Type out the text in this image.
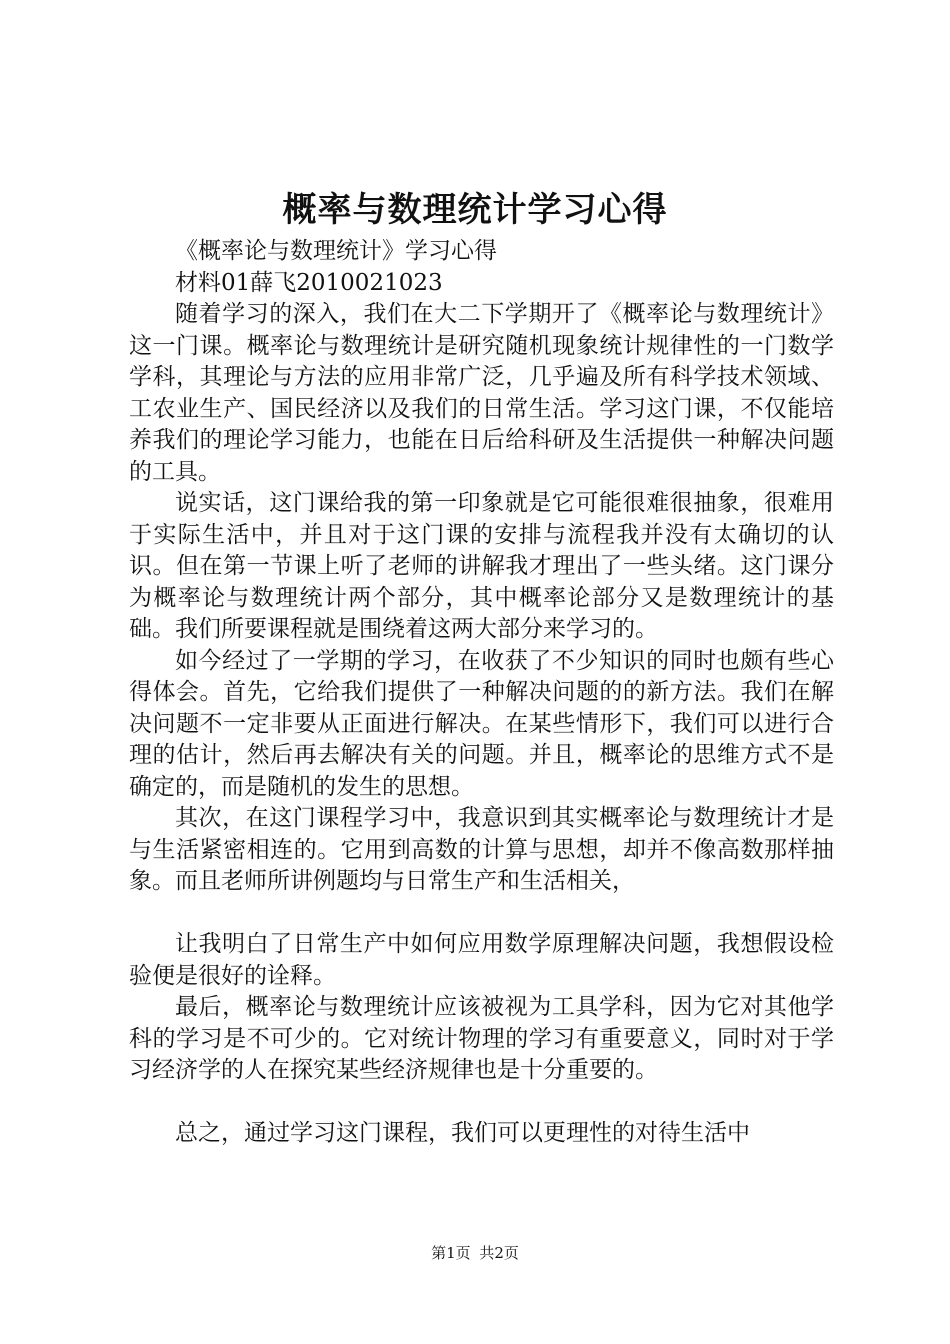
概率与数理统计学习心得

《概率论与数理统计》学习心得

材料01薛飞2010021023

随着学习的深入，我们在大二下学期开了《概率论与数理统计》这一门课。概率论与数理统计是研究随机现象统计规律性的一门数学学科，其理论与方法的应用非常广泛，几乎遍及所有科学技术领域、工农业生产、国民经济以及我们的日常生活。学习这门课，不仅能培养我们的理论学习能力，也能在日后给科研及生活提供一种解决问题的工具。

说实话，这门课给我的第一印象就是它可能很难很抽象，很难用于实际生活中，并且对于这门课的安排与流程我并没有太确切的认识。但在第一节课上听了老师的讲解我才理出了一些头绪。这门课分为概率论与数理统计两个部分，其中概率论部分又是数理统计的基础。我们所要课程就是围绕着这两大部分来学习的。

如今经过了一学期的学习，在收获了不少知识的同时也颇有些心得体会。首先，它给我们提供了一种解决问题的的新方法。我们在解决问题不一定非要从正面进行解决。在某些情形下，我们可以进行合理的估计，然后再去解决有关的问题。并且，概率论的思维方式不是确定的，而是随机的发生的思想。

其次，在这门课程学习中，我意识到其实概率论与数理统计才是与生活紧密相连的。它用到高数的计算与思想，却并不像高数那样抽象。而且老师所讲例题均与日常生产和生活相关，

让我明白了日常生产中如何应用数学原理解决问题，我想假设检验便是很好的诠释。

最后，概率论与数理统计应该被视为工具学科，因为它对其他学科的学习是不可少的。它对统计物理的学习有重要意义，同时对于学习经济学的人在探究某些经济规律也是十分重要的。

总之，通过学习这门课程，我们可以更理性的对待生活中

第1页 共2页
